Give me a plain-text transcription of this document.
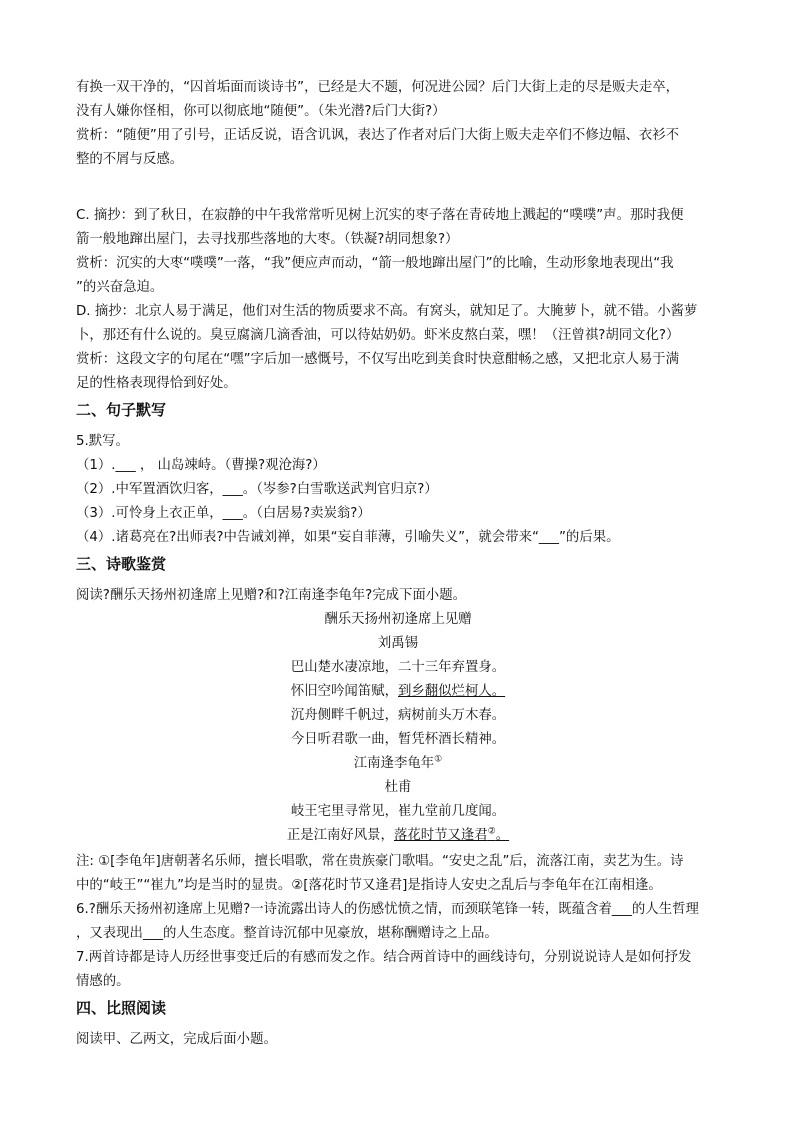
有换一双干净的，“囚首垢面而谈诗书”，已经是大不题，何况进公园？后门大街上走的尽是贩夫走卒，

没有人嫌你怪相，你可以彻底地“随便”。（朱光潜?后门大街?）

赏析：“随便”用了引号，正话反说，语含讥讽，表达了作者对后门大街上贩夫走卒们不修边幅、衣衫不

整的不屑与反感。

C. 摘抄：到了秋日，在寂静的中午我常常听见树上沉实的枣子落在青砖地上溅起的“噗噗”声。那时我便

箭一般地蹿出屋门，去寻找那些落地的大枣。（铁凝?胡同想象?）

赏析：沉实的大枣“噗噗”一落，“我”便应声而动，“箭一般地蹿出屋门”的比喻，生动形象地表现出“我

”的兴奋急迫。

D. 摘抄：北京人易于满足，他们对生活的物质要求不高。有窝头，就知足了。大腌萝卜，就不错。小酱萝

卜，那还有什么说的。臭豆腐滴几滴香油，可以待姑奶奶。虾米皮熬白菜，嘿！（汪曾祺?胡同文化?）

赏析：这段文字的句尾在“嘿”字后加一感慨号，不仅写出吃到美食时快意酣畅之感，又把北京人易于满

足的性格表现得恰到好处。

二、句子默写

5.默写。

（1）.___ ， 山岛竦峙。（曹操?观沧海?）

（2）.中军置酒饮归客，___。（岑参?白雪歌送武判官归京?）

（3）.可怜身上衣正单，___。（白居易?卖炭翁?）

（4）.诸葛亮在?出师表?中告诫刘禅，如果“妄自菲薄，引喻失义”，就会带来“___”的后果。

三、诗歌鉴赏

阅读?酬乐天扬州初逢席上见赠?和?江南逢李龟年?完成下面小题。

酬乐天扬州初逢席上见赠

刘禹锡

巴山楚水凄凉地，二十三年弃置身。

怀旧空吟闻笛赋，到乡翻似烂柯人。

沉舟侧畔千帆过，病树前头万木春。

今日听君歌一曲，暂凭杯酒长精神。

江南逢李龟年①

杜甫

岐王宅里寻常见，崔九堂前几度闻。

正是江南好风景，落花时节又逢君②。

注: ①[李龟年]唐朝著名乐师，擅长唱歌，常在贵族豪门歌唱。“安史之乱”后，流落江南，卖艺为生。诗

中的“岐王”“崔九”均是当时的显贵。②[落花时节又逢君]是指诗人安史之乱后与李龟年在江南相逢。

6.?酬乐天扬州初逢席上见赠?一诗流露出诗人的伤感忧愤之情，而颈联笔锋一转，既蕴含着___的人生哲理

，又表现出___的人生态度。整首诗沉郁中见豪放，堪称酬赠诗之上品。

7.两首诗都是诗人历经世事变迁后的有感而发之作。结合两首诗中的画线诗句，分别说说诗人是如何抒发

情感的。

四、比照阅读

阅读甲、乙两文，完成后面小题。
